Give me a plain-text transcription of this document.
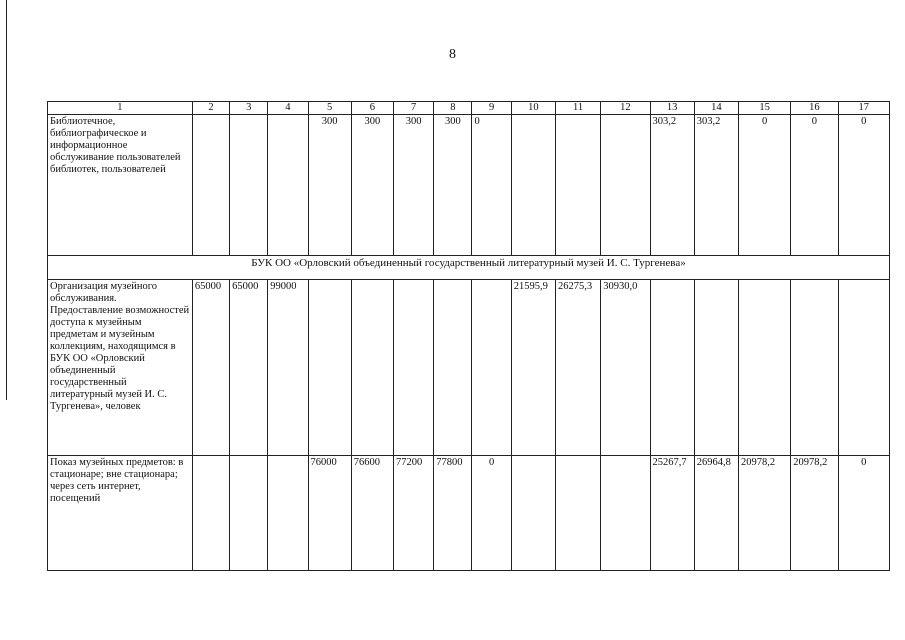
8
1	2	3	4	5	6	7	8	9	10	11	12	13	14	15	16	17
Библиотечное, библиографическое и информационное обслуживание пользователей библиотек, пользователей				300	300	300	300	0				303,2	303,2	0	0	0
БУК ОО «Орловский объединенный государственный литературный музей И. С. Тургенева»																
Организация музейного обслуживания. Предоставление возможностей доступа к музейным предметам и музейным коллекциям, находящимся в БУК ОО «Орловский объединенный государственный литературный музей И. С. Тургенева», человек	65000	65000	99000						21595,9	26275,3	30930,0					
Показ музейных предметов: в стационаре; вне стационара; через сеть интернет, посещений				76000	76600	77200	77800	0				25267,7	26964,8	20978,2	20978,2	0
